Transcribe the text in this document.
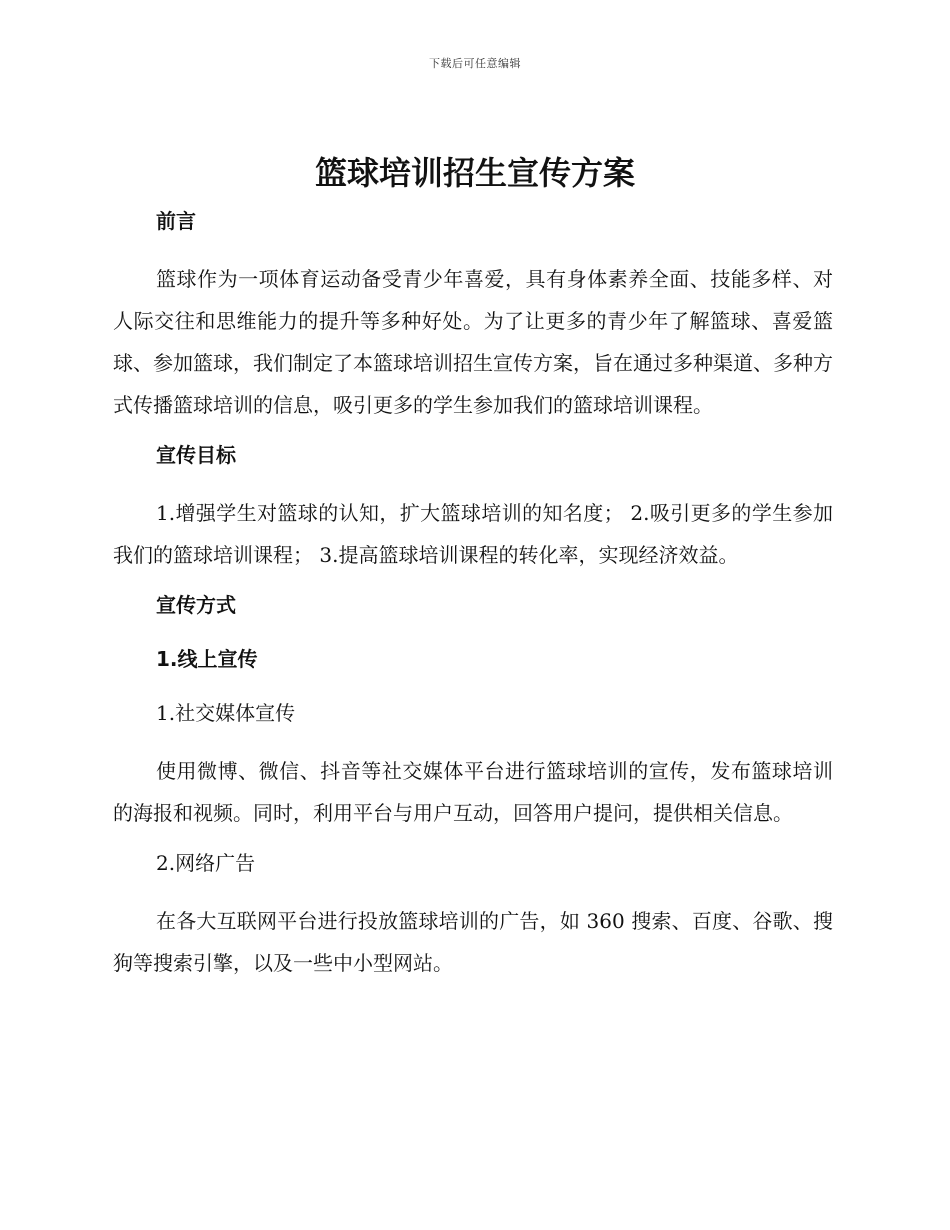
下载后可任意编辑
篮球培训招生宣传方案
前言

篮球作为一项体育运动备受青少年喜爱，具有身体素养全面、技能多样、对人际交往和思维能力的提升等多种好处。为了让更多的青少年了解篮球、喜爱篮球、参加篮球，我们制定了本篮球培训招生宣传方案，旨在通过多种渠道、多种方式传播篮球培训的信息，吸引更多的学生参加我们的篮球培训课程。

宣传目标

1.增强学生对篮球的认知，扩大篮球培训的知名度； 2.吸引更多的学生参加我们的篮球培训课程； 3.提高篮球培训课程的转化率，实现经济效益。

宣传方式
1.线上宣传
1.社交媒体宣传

使用微博、微信、抖音等社交媒体平台进行篮球培训的宣传，发布篮球培训的海报和视频。同时，利用平台与用户互动，回答用户提问，提供相关信息。

2.网络广告

在各大互联网平台进行投放篮球培训的广告，如 360 搜索、百度、谷歌、搜狗等搜索引擎，以及一些中小型网站。
